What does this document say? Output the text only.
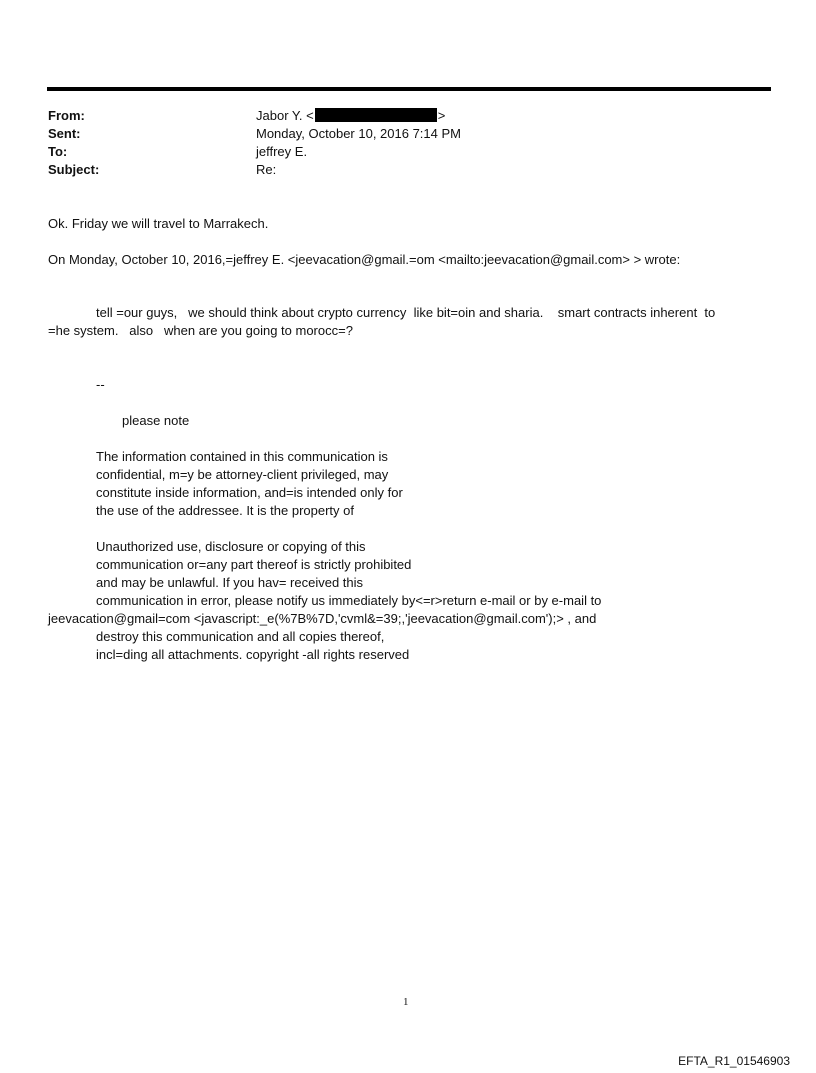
From:	Jabor Y. <	>
Sent:	Monday, October 10, 2016 7:14 PM
To:	jeffrey E.
Subject:	Re:
Ok. Friday we will travel to Marrakech.
On Monday, October 10, 2016,=jeffrey E. <jeevacation@gmail.=om <mailto:jeevacation@gmail.com> > wrote:
tell =our guys,   we should think about crypto currency  like bit=oin and sharia.    smart contracts inherent  to
=he system.   also   when are you going to morocc=?
--
please note
The information contained in this communication is
confidential, m=y be attorney-client privileged, may
constitute inside information, and=is intended only for
the use of the addressee. It is the property of
Unauthorized use, disclosure or copying of this
communication or=any part thereof is strictly prohibited
and may be unlawful. If you hav= received this
communication in error, please notify us immediately by<=r>return e-mail or by e-mail to
jeevacation@gmail=com <javascript:_e(%7B%7D,'cvml&=39;,'jeevacation@gmail.com');> , and
destroy this communication and all copies thereof,
incl=ding all attachments. copyright -all rights reserved
1
EFTA_R1_01546903
